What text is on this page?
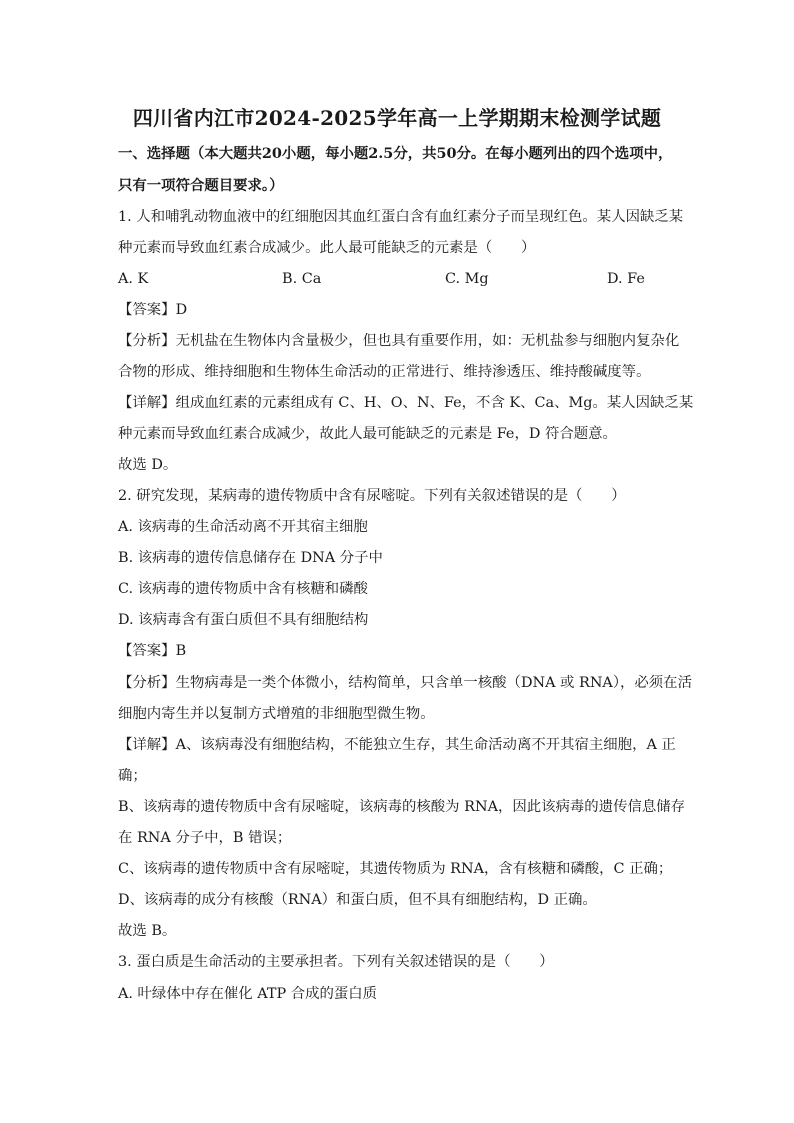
四川省内江市2024-2025学年高一上学期期末检测学试题
一、选择题（本大题共20小题，每小题2.5分，共50分。在每小题列出的四个选项中，
只有一项符合题目要求。）
1. 人和哺乳动物血液中的红细胞因其血红蛋白含有血红素分子而呈现红色。某人因缺乏某
种元素而导致血红素合成减少。此人最可能缺乏的元素是（　　）
A. K	B. Ca	C. Mg	D. Fe
【答案】D
【分析】无机盐在生物体内含量极少，但也具有重要作用，如：无机盐参与细胞内复杂化
合物的形成、维持细胞和生物体生命活动的正常进行、维持渗透压、维持酸碱度等。
【详解】组成血红素的元素组成有 C、H、O、N、Fe，不含 K、Ca、Mg。某人因缺乏某
种元素而导致血红素合成减少，故此人最可能缺乏的元素是 Fe，D 符合题意。
故选 D。
2. 研究发现，某病毒的遗传物质中含有尿嘧啶。下列有关叙述错误的是（　　）
A. 该病毒的生命活动离不开其宿主细胞
B. 该病毒的遗传信息储存在 DNA 分子中
C. 该病毒的遗传物质中含有核糖和磷酸
D. 该病毒含有蛋白质但不具有细胞结构
【答案】B
【分析】生物病毒是一类个体微小，结构简单，只含单一核酸（DNA 或 RNA），必须在活
细胞内寄生并以复制方式增殖的非细胞型微生物。
【详解】A、该病毒没有细胞结构，不能独立生存，其生命活动离不开其宿主细胞，A 正
确；
B、该病毒的遗传物质中含有尿嘧啶，该病毒的核酸为 RNA，因此该病毒的遗传信息储存
在 RNA 分子中，B 错误；
C、该病毒的遗传物质中含有尿嘧啶，其遗传物质为 RNA，含有核糖和磷酸，C 正确；
D、该病毒的成分有核酸（RNA）和蛋白质，但不具有细胞结构，D 正确。
故选 B。
3. 蛋白质是生命活动的主要承担者。下列有关叙述错误的是（　　）
A. 叶绿体中存在催化 ATP 合成的蛋白质
